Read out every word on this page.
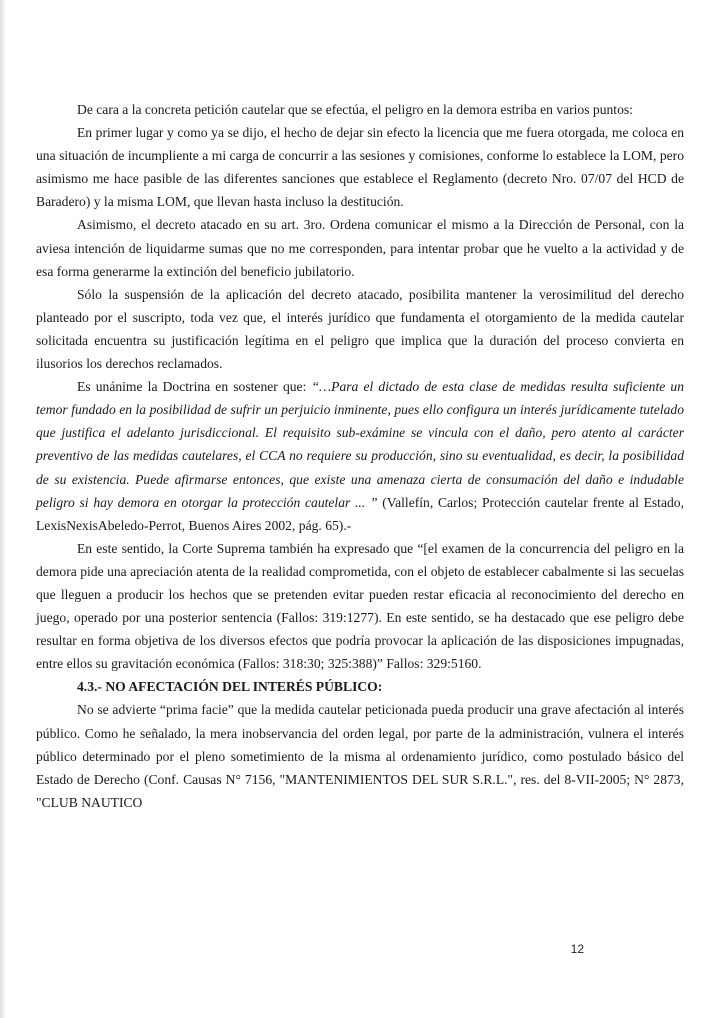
De cara a la concreta petición cautelar que se efectúa, el peligro en la demora estriba en varios puntos:

En primer lugar y como ya se dijo, el hecho de dejar sin efecto la licencia que me fuera otorgada, me coloca en una situación de incumpliente a mi carga de concurrir a las sesiones y comisiones, conforme lo establece la LOM, pero asimismo me hace pasible de las diferentes sanciones que establece el Reglamento (decreto Nro. 07/07 del HCD de Baradero) y la misma LOM, que llevan hasta incluso la destitución.

Asimismo, el decreto atacado en su art. 3ro. Ordena comunicar el mismo a la Dirección de Personal, con la aviesa intención de liquidarme sumas que no me corresponden, para intentar probar que he vuelto a la actividad y de esa forma generarme la extinción del beneficio jubilatorio.

Sólo la suspensión de la aplicación del decreto atacado, posibilita mantener la verosimilitud del derecho planteado por el suscripto, toda vez que, el interés jurídico que fundamenta el otorgamiento de la medida cautelar solicitada encuentra su justificación legítima en el peligro que implica que la duración del proceso convierta en ilusorios los derechos reclamados.

Es unánime la Doctrina en sostener que: “…Para el dictado de esta clase de medidas resulta suficiente un temor fundado en la posibilidad de sufrir un perjuicio inminente, pues ello configura un interés jurídicamente tutelado que justifica el adelanto jurisdiccional. El requisito sub-exámine se vincula con el daño, pero atento al carácter preventivo de las medidas cautelares, el CCA no requiere su producción, sino su eventualidad, es decir, la posibilidad de su existencia. Puede afirmarse entonces, que existe una amenaza cierta de consumación del daño e indudable peligro si hay demora en otorgar la protección cautelar ... ” (Vallefín, Carlos; Protección cautelar frente al Estado, LexisNexisAbeledo-Perrot, Buenos Aires 2002, pág. 65).-

En este sentido, la Corte Suprema también ha expresado que “[el examen de la concurrencia del peligro en la demora pide una apreciación atenta de la realidad comprometida, con el objeto de establecer cabalmente si las secuelas que lleguen a producir los hechos que se pretenden evitar pueden restar eficacia al reconocimiento del derecho en juego, operado por una posterior sentencia (Fallos: 319:1277). En este sentido, se ha destacado que ese peligro debe resultar en forma objetiva de los diversos efectos que podría provocar la aplicación de las disposiciones impugnadas, entre ellos su gravitación económica (Fallos: 318:30; 325:388)” Fallos: 329:5160.

4.3.- NO AFECTACIÓN DEL INTERÉS PÚBLICO:

No se advierte “prima facie” que la medida cautelar peticionada pueda producir una grave afectación al interés público. Como he señalado, la mera inobservancia del orden legal, por parte de la administración, vulnera el interés público determinado por el pleno sometimiento de la misma al ordenamiento jurídico, como postulado básico del Estado de Derecho (Conf. Causas N° 7156, "MANTENIMIENTOS DEL SUR S.R.L.", res. del 8-VII-2005; N° 2873, "CLUB NAUTICO

12
